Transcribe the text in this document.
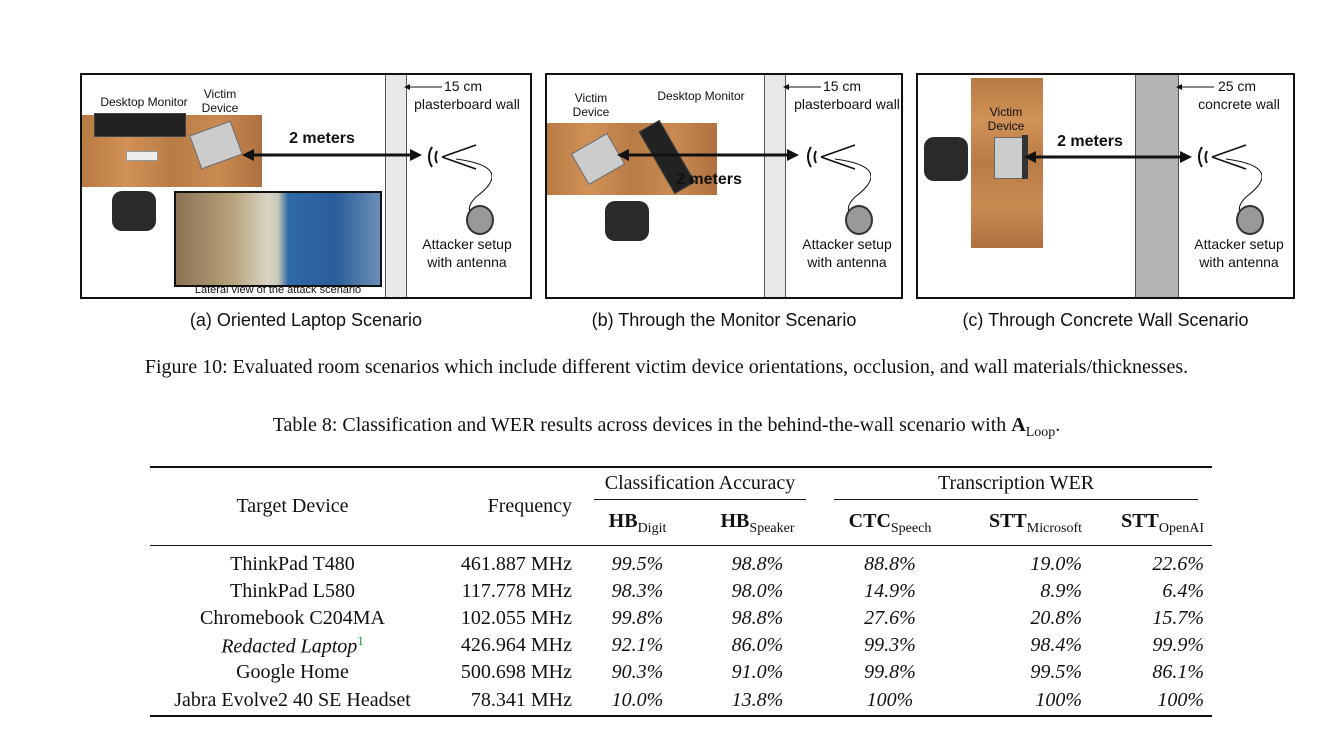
Desktop Monitor
Victim Device
Lateral view of the attack scenario
2 meters
15 cm
plasterboard wall
Attacker setup with antenna
(a) Oriented Laptop Scenario
Victim Device
Desktop Monitor
2 meters
15 cm
plasterboard wall
Attacker setup with antenna
(b) Through the Monitor Scenario
Victim Device
2 meters
25 cm
concrete wall
Attacker setup with antenna
(c) Through Concrete Wall Scenario
Figure 10: Evaluated room scenarios which include different victim device orientations, occlusion, and wall materials/thicknesses.
Table 8: Classification and WER results across devices in the behind-the-wall scenario with $A_{Loop}$.
Target Device	Frequency	Classification Accuracy		Transcription WER		

		$HB_{Digit}$	$HB_{Speaker}$	$CTC_{Speech}$	$STT_{Microsoft}$	$STT_{OpenAI}$

ThinkPad T480	461.887 MHz	99.5%	98.8%	88.8%	19.0%	22.6%
ThinkPad L580	117.778 MHz	98.3%	98.0%	14.9%	8.9%	6.4%
Chromebook C204MA	102.055 MHz	99.8%	98.8%	27.6%	20.8%	15.7%
Redacted Laptop$^1$	426.964 MHz	92.1%	86.0%	99.3%	98.4%	99.9%
Google Home	500.698 MHz	90.3%	91.0%	99.8%	99.5%	86.1%
Jabra Evolve2 40 SE Headset	78.341 MHz	10.0%	13.8%	100%	100%	100%
